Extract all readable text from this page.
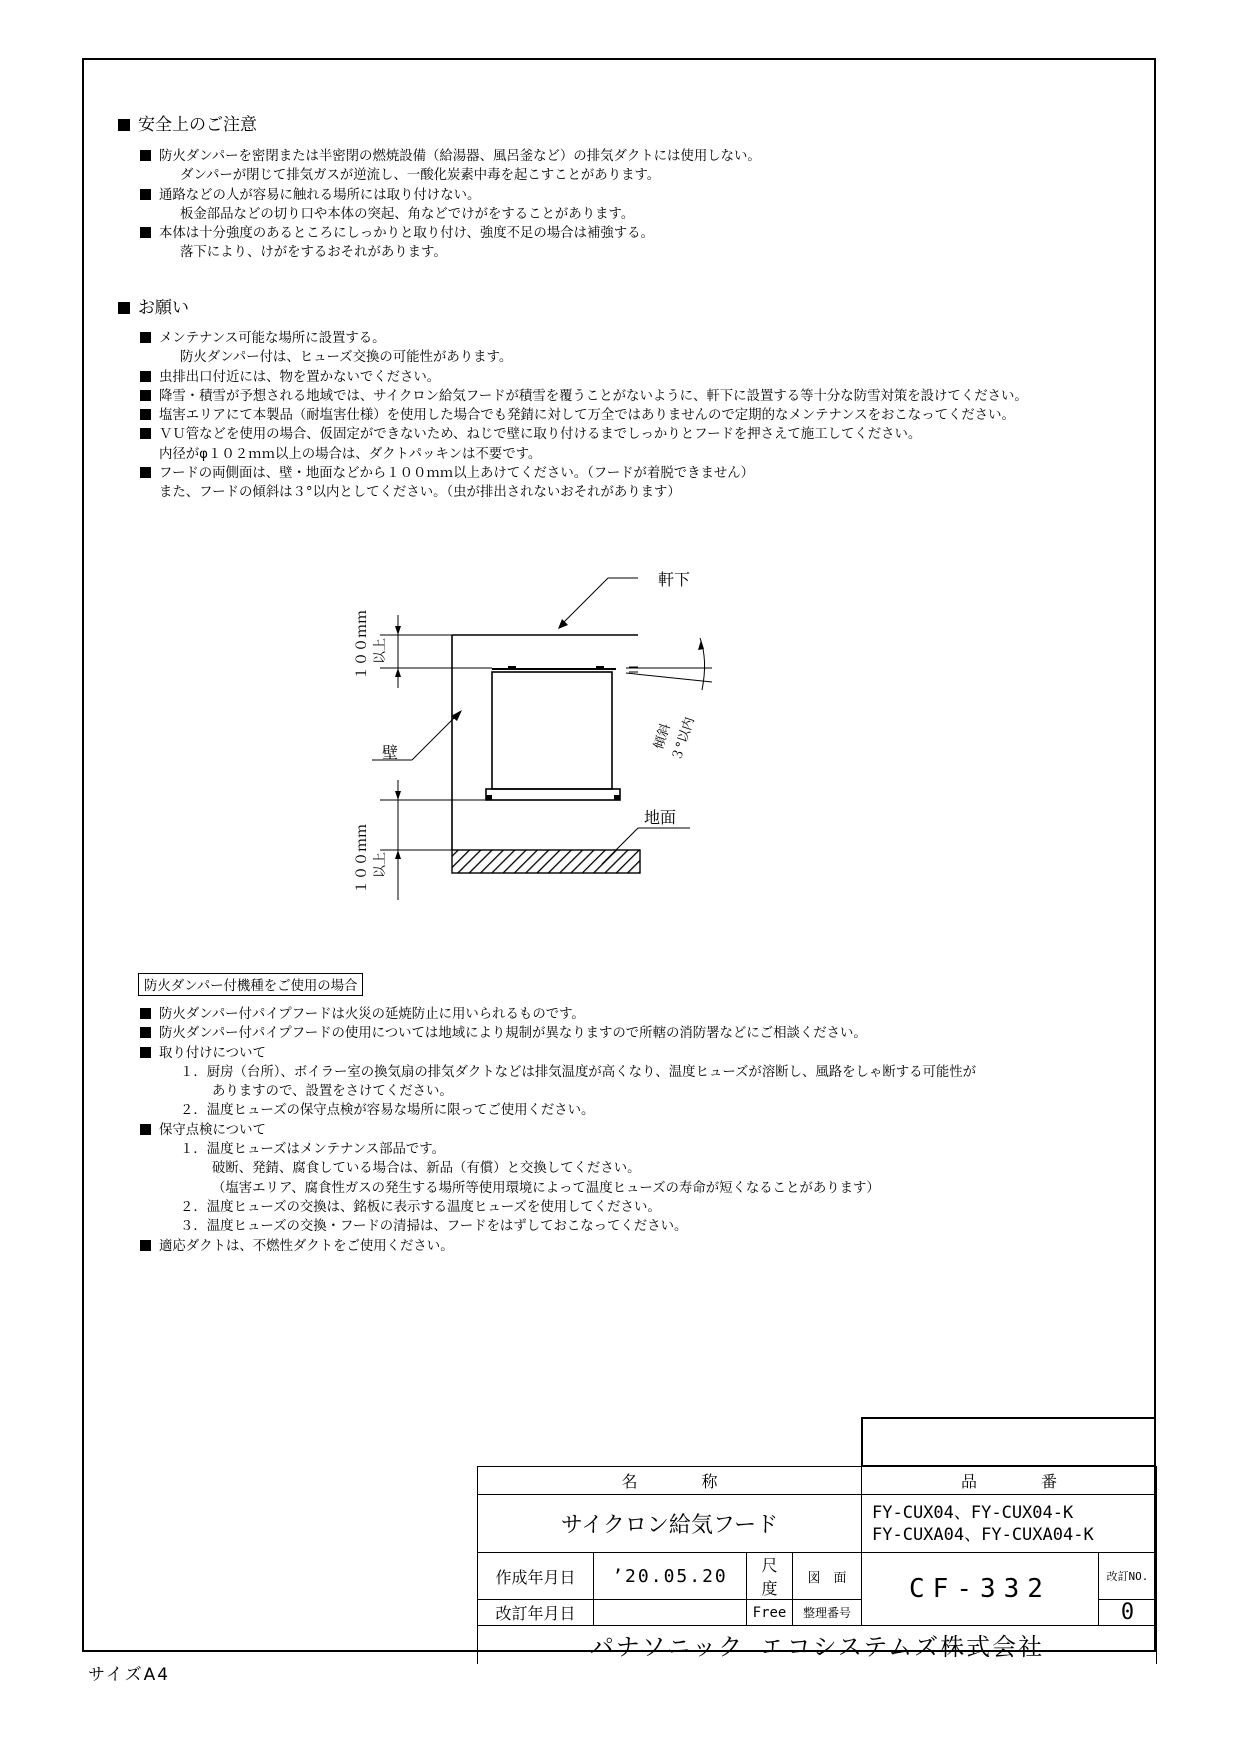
安全上のご注意
防火ダンパーを密閉または半密閉の燃焼設備（給湯器、風呂釜など）の排気ダクトには使用しない。
ダンパーが閉じて排気ガスが逆流し、一酸化炭素中毒を起こすことがあります。
通路などの人が容易に触れる場所には取り付けない。
板金部品などの切り口や本体の突起、角などでけがをすることがあります。
本体は十分強度のあるところにしっかりと取り付け、強度不足の場合は補強する。
落下により、けがをするおそれがあります。
お願い
メンテナンス可能な場所に設置する。
防火ダンパー付は、ヒューズ交換の可能性があります。
虫排出口付近には、物を置かないでください。
降雪・積雪が予想される地域では、サイクロン給気フードが積雪を覆うことがないように、軒下に設置する等十分な防雪対策を設けてください。
塩害エリアにて本製品（耐塩害仕様）を使用した場合でも発錆に対して万全ではありませんので定期的なメンテナンスをおこなってください。
ＶＵ管などを使用の場合、仮固定ができないため、ねじで壁に取り付けるまでしっかりとフードを押さえて施工してください。
内径がφ１０２ｍｍ以上の場合は、ダクトパッキンは不要です。
フードの両側面は、壁・地面などから１００ｍｍ以上あけてください。（フードが着脱できません）
また、フードの傾斜は３°以内としてください。（虫が排出されないおそれがあります）
軒下
壁
地面
１００ｍｍ 以上
１００ｍｍ 以上
傾斜
３°以内
防火ダンパー付機種をご使用の場合
防火ダンパー付パイプフードは火災の延焼防止に用いられるものです。
防火ダンパー付パイプフードの使用については地域により規制が異なりますので所轄の消防署などにご相談ください。
取り付けについて
１．厨房（台所）、ボイラー室の換気扇の排気ダクトなどは排気温度が高くなり、温度ヒューズが溶断し、風路をしゃ断する可能性が
ありますので、設置をさけてください。
２．温度ヒューズの保守点検が容易な場所に限ってご使用ください。
保守点検について
１．温度ヒューズはメンテナンス部品です。
破断、発錆、腐食している場合は、新品（有償）と交換してください。
（塩害エリア、腐食性ガスの発生する場所等使用環境によって温度ヒューズの寿命が短くなることがあります）
２．温度ヒューズの交換は、銘板に表示する温度ヒューズを使用してください。
３．温度ヒューズの交換・フードの清掃は、フードをはずしておこなってください。
適応ダクトは、不燃性ダクトをご使用ください。
名　　　　称				品　　　　番	
サイクロン給気フード				FY-CUX04、FY-CUX04-K
FY-CUXA04、FY-CUXA04-K	

作成年月日	’20.05.20	尺　度	図　面	CF-332	改訂NO.
改訂年月日		Free	整理番号		0
パナソニック エコシステムズ株式会社					
サイズA4
